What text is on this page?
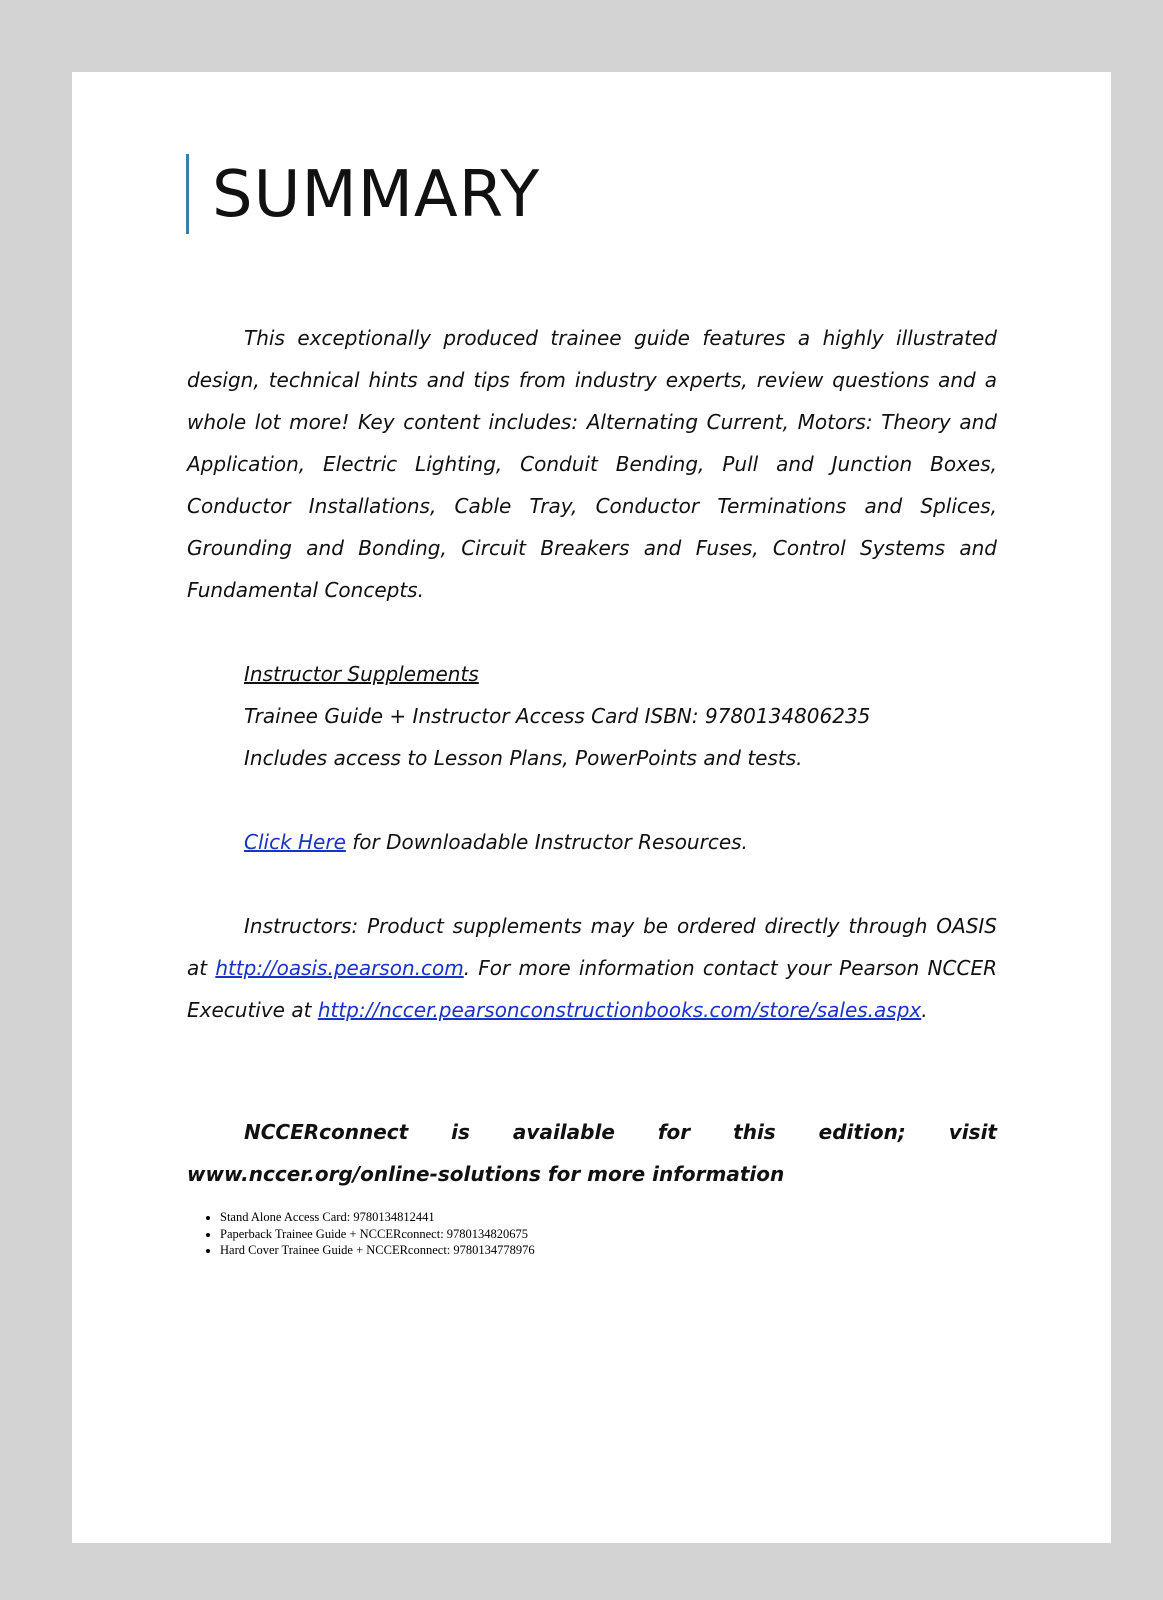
SUMMARY

This exceptionally produced trainee guide features a highly illustrated design, technical hints and tips from industry experts, review questions and a whole lot more! Key content includes: Alternating Current, Motors: Theory and Application, Electric Lighting, Conduit Bending, Pull and Junction Boxes, Conductor Installations, Cable Tray, Conductor Terminations and Splices, Grounding and Bonding, Circuit Breakers and Fuses, Control Systems and Fundamental Concepts.

Instructor Supplements

Trainee Guide + Instructor Access Card ISBN: 9780134806235

Includes access to Lesson Plans, PowerPoints and tests.

Click Here for Downloadable Instructor Resources.

Instructors: Product supplements may be ordered directly through OASIS at http://oasis.pearson.com. For more information contact your Pearson NCCER Executive at http://nccer.pearsonconstructionbooks.com/store/sales.aspx.

NCCERconnect is available for this edition; visit www.nccer.org/online-solutions for more information

• Stand Alone Access Card: 9780134812441
• Paperback Trainee Guide + NCCERconnect: 9780134820675
• Hard Cover Trainee Guide + NCCERconnect: 9780134778976
